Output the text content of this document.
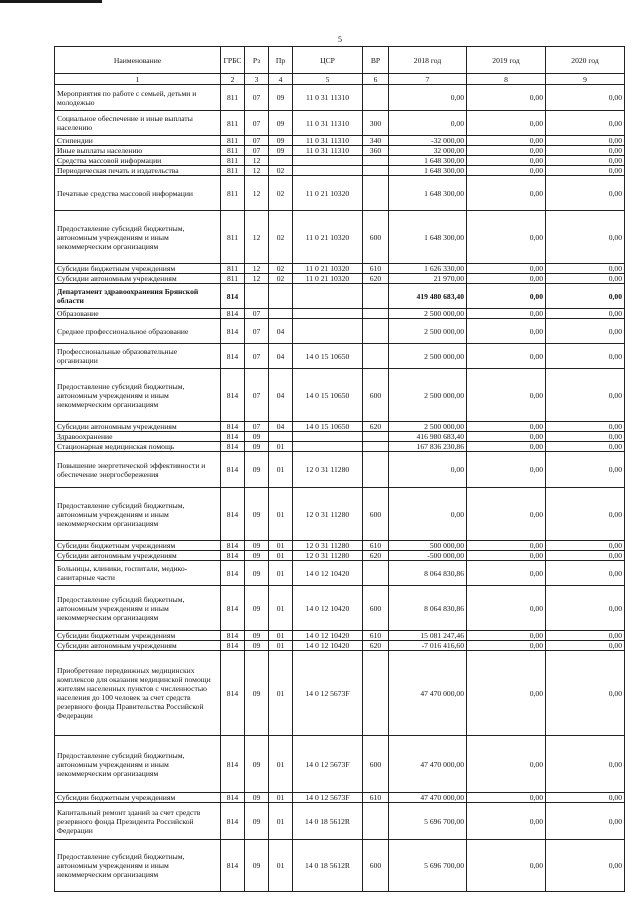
5
Наименование	ГРБС	Рз	Пр	ЦСР	ВР	2018 год	2019 год	2020 год
1	2	3	4	5	6	7	8	9
Мероприятия по работе с семьей, детьми и молодежью	811	07	09	11 0 31 11310		0,00	0,00	0,00
Социальное обеспечение и иные выплаты населению	811	07	09	11 0 31 11310	300	0,00	0,00	0,00
Стипендии	811	07	09	11 0 31 11310	340	-32 000,00	0,00	0,00
Иные выплаты населению	811	07	09	11 0 31 11310	360	32 000,00	0,00	0,00
Средства массовой информации	811	12				1 648 300,00	0,00	0,00
Периодическая печать и издательства	811	12	02			1 648 300,00	0,00	0,00
Печатные средства массовой информации	811	12	02	11 0 21 10320		1 648 300,00	0,00	0,00
Предоставление субсидий бюджетным, автономным учреждениям и иным некоммерческим организациям	811	12	02	11 0 21 10320	600	1 648 300,00	0,00	0,00
Субсидии бюджетным учреждениям	811	12	02	11 0 21 10320	610	1 626 330,00	0,00	0,00
Субсидии автономным учреждениям	811	12	02	11 0 21 10320	620	21 970,00	0,00	0,00
Департамент здравоохранения Брянской области	814					419 480 683,40	0,00	0,00
Образование	814	07				2 500 000,00	0,00	0,00
Среднее профессиональное образование	814	07	04			2 500 000,00	0,00	0,00
Профессиональные образовательные организации	814	07	04	14 0 15 10650		2 500 000,00	0,00	0,00
Предоставление субсидий бюджетным, автономным учреждениям и иным некоммерческим организациям	814	07	04	14 0 15 10650	600	2 500 000,00	0,00	0,00
Субсидии автономным учреждениям	814	07	04	14 0 15 10650	620	2 500 000,00	0,00	0,00
Здравоохранение	814	09				416 980 683,40	0,00	0,00
Стационарная медицинская помощь	814	09	01			167 836 230,86	0,00	0,00
Повышение энергетической эффективности и обеспечение энергосбережения	814	09	01	12 0 31 11280		0,00	0,00	0,00
Предоставление субсидий бюджетным, автономным учреждениям и иным некоммерческим организациям	814	09	01	12 0 31 11280	600	0,00	0,00	0,00
Субсидии бюджетным учреждениям	814	09	01	12 0 31 11280	610	500 000,00	0,00	0,00
Субсидии автономным учреждениям	814	09	01	12 0 31 11280	620	-500 000,00	0,00	0,00
Больницы, клиники, госпитали, медико-санитарные части	814	09	01	14 0 12 10420		8 064 830,86	0,00	0,00
Предоставление субсидий бюджетным, автономным учреждениям и иным некоммерческим организациям	814	09	01	14 0 12 10420	600	8 064 830,86	0,00	0,00
Субсидии бюджетным учреждениям	814	09	01	14 0 12 10420	610	15 081 247,46	0,00	0,00
Субсидии автономным учреждениям	814	09	01	14 0 12 10420	620	-7 016 416,60	0,00	0,00
Приобретение передвижных медицинских комплексов для оказания медицинской помощи жителям населенных пунктов с численностью населения до 100 человек за счет средств резервного фонда Правительства Российской Федерации	814	09	01	14 0 12 5673F		47 470 000,00	0,00	0,00
Предоставление субсидий бюджетным, автономным учреждениям и иным некоммерческим организациям	814	09	01	14 0 12 5673F	600	47 470 000,00	0,00	0,00
Субсидии бюджетным учреждениям	814	09	01	14 0 12 5673F	610	47 470 000,00	0,00	0,00
Капитальный ремонт зданий за счет средств резервного фонда Президента Российской Федерации	814	09	01	14 0 18 5612R		5 696 700,00	0,00	0,00
Предоставление субсидий бюджетным, автономным учреждениям и иным некоммерческим организациям	814	09	01	14 0 18 5612R	600	5 696 700,00	0,00	0,00
